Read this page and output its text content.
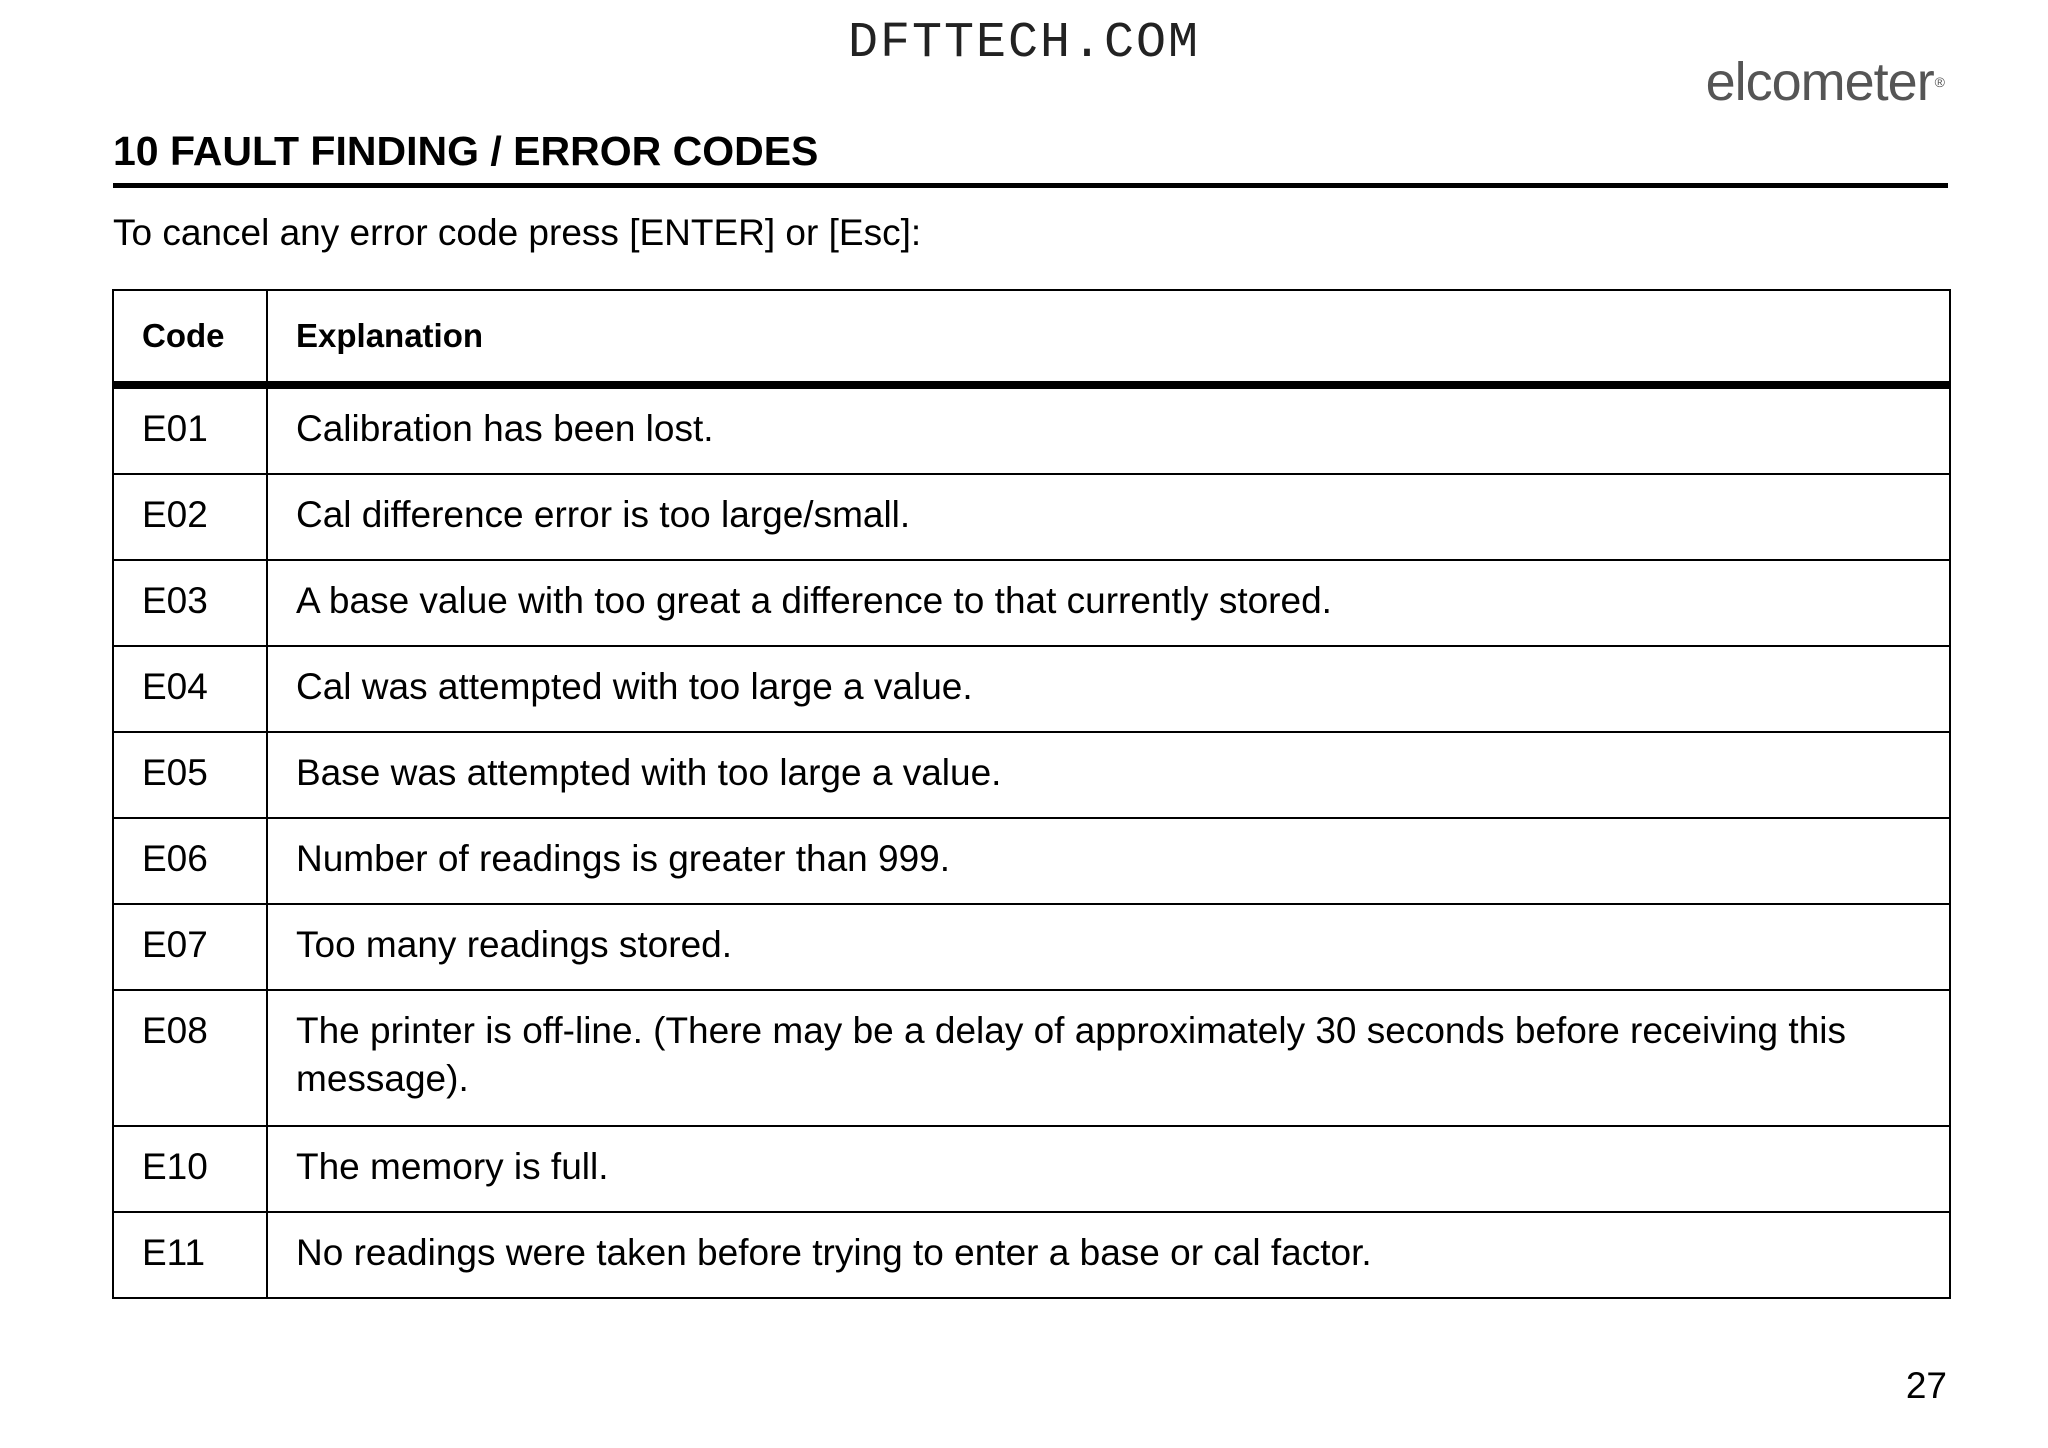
DFTTECH.COM
elcometer®
10 FAULT FINDING / ERROR CODES
To cancel any error code press [ENTER] or [Esc]:
Code	Explanation
E01	Calibration has been lost.
E02	Cal difference error is too large/small.
E03	A base value with too great a difference to that currently stored.
E04	Cal was attempted with too large a value.
E05	Base was attempted with too large a value.
E06	Number of readings is greater than 999.
E07	Too many readings stored.
E08	The printer is off-line. (There may be a delay of approximately 30 seconds before receiving this message).
E10	The memory is full.
E11	No readings were taken before trying to enter a base or cal factor.
27
